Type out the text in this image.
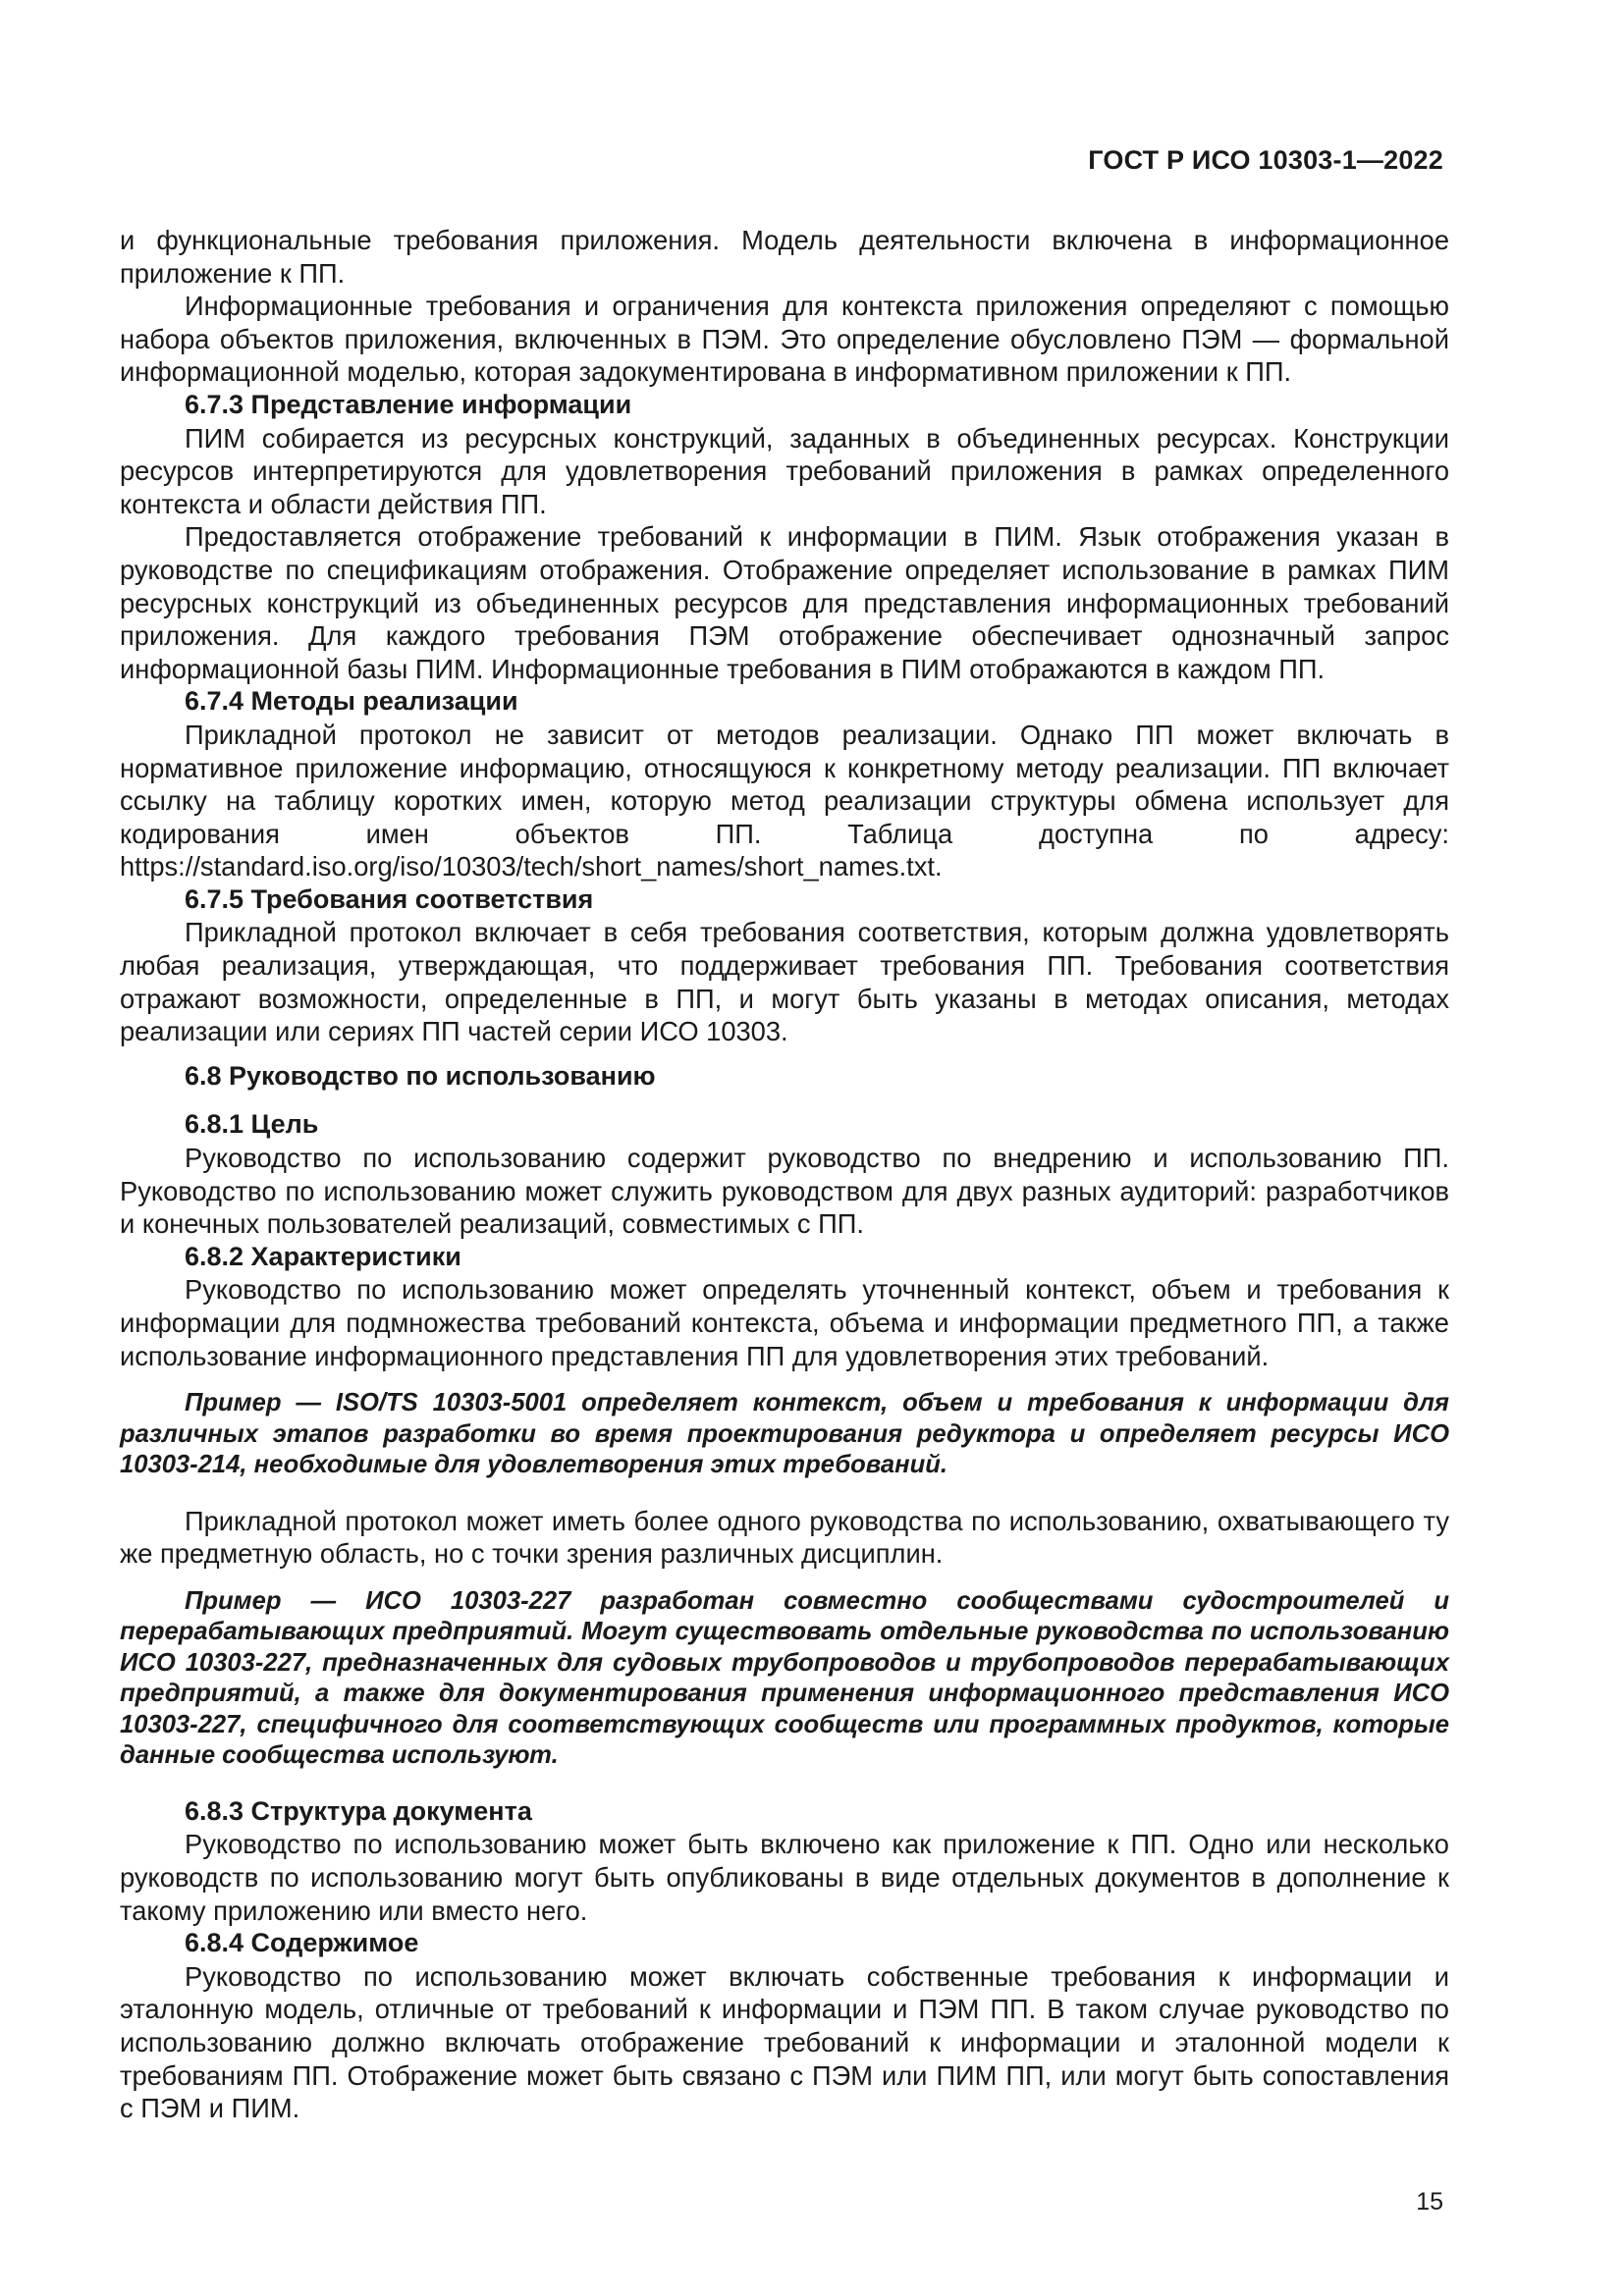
ГОСТ Р ИСО 10303-1—2022

и функциональные требования приложения. Модель деятельности включена в информационное приложение к ПП.

Информационные требования и ограничения для контекста приложения определяют с помощью набора объектов приложения, включенных в ПЭМ. Это определение обусловлено ПЭМ — формальной информационной моделью, которая задокументирована в информативном приложении к ПП.

6.7.3 Представление информации

ПИМ собирается из ресурсных конструкций, заданных в объединенных ресурсах. Конструкции ресурсов интерпретируются для удовлетворения требований приложения в рамках определенного контекста и области действия ПП.

Предоставляется отображение требований к информации в ПИМ. Язык отображения указан в руководстве по спецификациям отображения. Отображение определяет использование в рамках ПИМ ресурсных конструкций из объединенных ресурсов для представления информационных требований приложения. Для каждого требования ПЭМ отображение обеспечивает однозначный запрос информационной базы ПИМ. Информационные требования в ПИМ отображаются в каждом ПП.

6.7.4 Методы реализации

Прикладной протокол не зависит от методов реализации. Однако ПП может включать в нормативное приложение информацию, относящуюся к конкретному методу реализации. ПП включает ссылку на таблицу коротких имен, которую метод реализации структуры обмена использует для кодирования имен объектов ПП. Таблица доступна по адресу: https://standard.iso.org/iso/10303/tech/short_names/short_names.txt.

6.7.5 Требования соответствия

Прикладной протокол включает в себя требования соответствия, которым должна удовлетворять любая реализация, утверждающая, что поддерживает требования ПП. Требования соответствия отражают возможности, определенные в ПП, и могут быть указаны в методах описания, методах реализации или сериях ПП частей серии ИСО 10303.

6.8 Руководство по использованию
6.8.1 Цель

Руководство по использованию содержит руководство по внедрению и использованию ПП. Руководство по использованию может служить руководством для двух разных аудиторий: разработчиков и конечных пользователей реализаций, совместимых с ПП.

6.8.2 Характеристики

Руководство по использованию может определять уточненный контекст, объем и требования к информации для подмножества требований контекста, объема и информации предметного ПП, а также использование информационного представления ПП для удовлетворения этих требований.

Пример — ISO/TS 10303-5001 определяет контекст, объем и требования к информации для различных этапов разработки во время проектирования редуктора и определяет ресурсы ИСО 10303-214, необходимые для удовлетворения этих требований.

Прикладной протокол может иметь более одного руководства по использованию, охватывающего ту же предметную область, но с точки зрения различных дисциплин.

Пример — ИСО 10303-227 разработан совместно сообществами судостроителей и перерабатывающих предприятий. Могут существовать отдельные руководства по использованию ИСО 10303-227, предназначенных для судовых трубопроводов и трубопроводов перерабатывающих предприятий, а также для документирования применения информационного представления ИСО 10303-227, специфичного для соответствующих сообществ или программных продуктов, которые данные сообщества используют.

6.8.3 Структура документа

Руководство по использованию может быть включено как приложение к ПП. Одно или несколько руководств по использованию могут быть опубликованы в виде отдельных документов в дополнение к такому приложению или вместо него.

6.8.4 Содержимое

Руководство по использованию может включать собственные требования к информации и эталонную модель, отличные от требований к информации и ПЭМ ПП. В таком случае руководство по использованию должно включать отображение требований к информации и эталонной модели к требованиям ПП. Отображение может быть связано с ПЭМ или ПИМ ПП, или могут быть сопоставления с ПЭМ и ПИМ.

15
